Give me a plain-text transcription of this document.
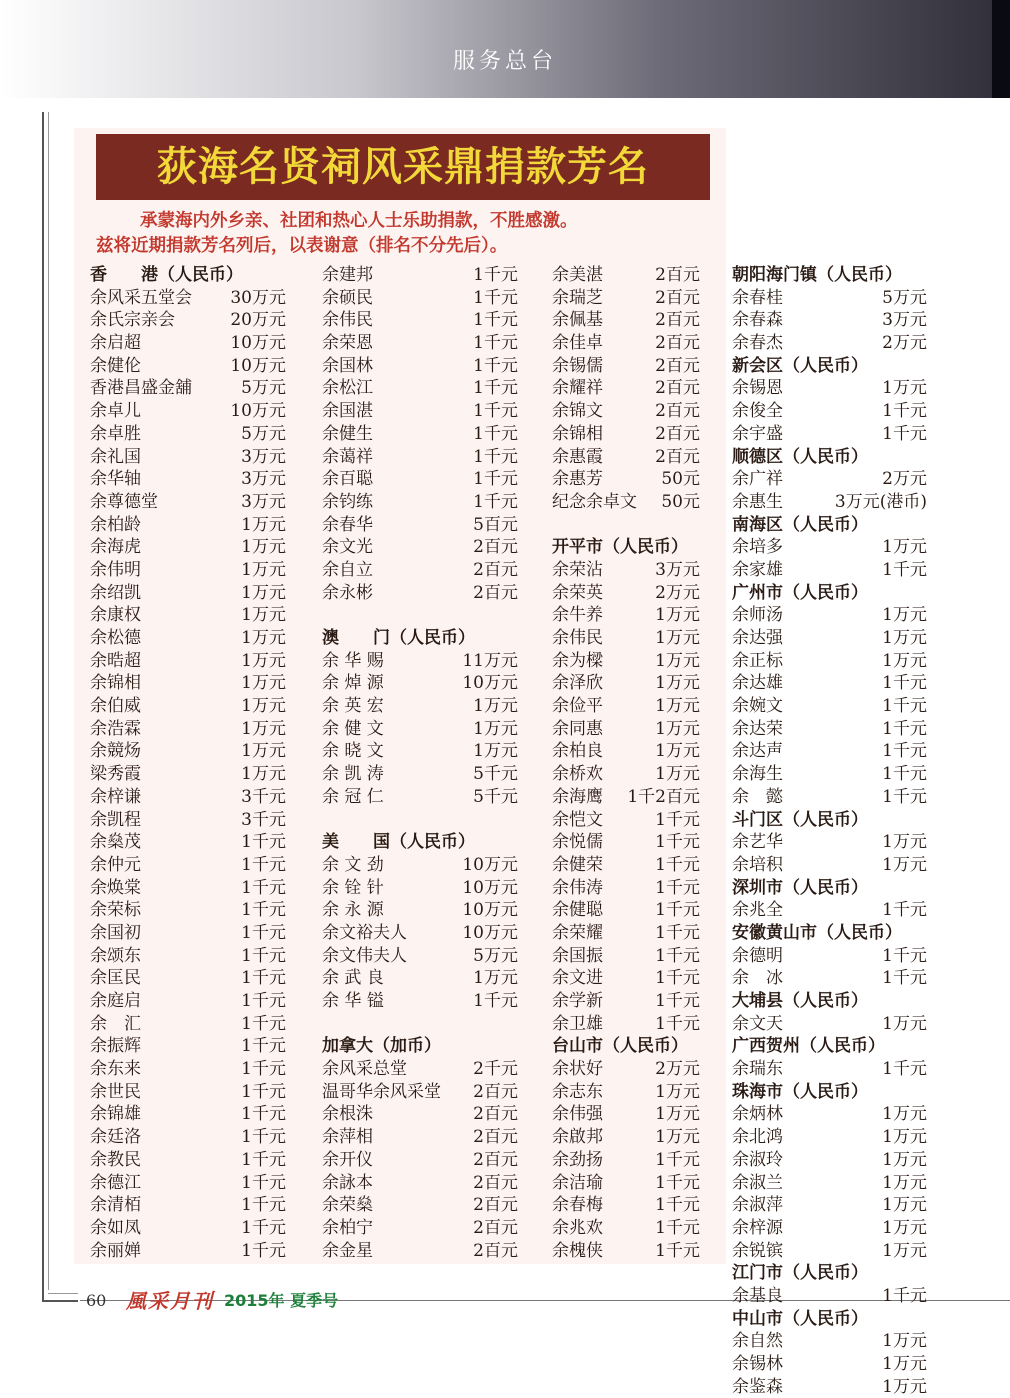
服务总台
荻海名贤祠风采鼎捐款芳名
承蒙海内外乡亲、社团和热心人士乐助捐款，不胜感激。
兹将近期捐款芳名列后，以表谢意（排名不分先后）。
香　　港（人民币）
余风采五堂会 30万元
余氏宗亲会	20万元
余启超	10万元
余健伦	10万元
香港昌盛金舖	5万元
余卓儿	10万元
余卓胜	5万元
余礼国	3万元
余华轴	3万元
余尊德堂	3万元
余柏龄	1万元
余海虎	1万元
余伟明	1万元
余绍凯	1万元
余康权	1万元
余松德	1万元
余晧超	1万元
余锦相	1万元
余伯威	1万元
余浩霖	1万元
余競炀	1万元
梁秀霞	1万元
余梓谦	3千元
余凯程	3千元
余燊茂	1千元
余仲元	1千元
余焕棠	1千元
余荣标	1千元
余国初	1千元
余颂东	1千元
余匡民	1千元
余庭启	1千元
余　汇	1千元
余振辉	1千元
余东来	1千元
余世民	1千元
余锦雄	1千元
余廷洛	1千元
余教民	1千元
余德江	1千元
余清栢	1千元
余如凤	1千元
余丽婵	1千元
余建邦	1千元
余硕民	1千元
余伟民	1千元
余荣恩	1千元
余国林	1千元
余松江	1千元
余国湛	1千元
余健生	1千元
余蔼祥	1千元
余百聪	1千元
余钧练	1千元
余春华	5百元
余文光	2百元
余自立	2百元
余永彬	2百元
澳　　门（人民币）
余 华 赐	11万元
余 焯 源	10万元
余 英 宏	1万元
余 健 文	1万元
余 晓 文	1万元
余 凯 涛	5千元
余 冠 仁	5千元
美　　国（人民币）
余 文 劲	10万元
余 铨 针	10万元
余 永 源	10万元
余文裕夫人	10万元
余文伟夫人	5万元
余 武 良	1万元
余 华 镒	1千元
加拿大（加币）
余风采总堂	2千元
温哥华余风采堂 2百元
余根洙	2百元
余萍相	2百元
余开仪	2百元
余詠本	2百元
余荣燊	2百元
余柏宁	2百元
余金星	2百元
余美湛	2百元
余瑞芝	2百元
余佩基	2百元
余佳卓	2百元
余锡儒	2百元
余耀祥	2百元
余锦文	2百元
余锦相	2百元
余惠霞	2百元
余惠芳	50元
纪念余卓文 50元
开平市（人民币）
余荣沾	3万元
余荣英	2万元
余牛养	1万元
余伟民	1万元
余为樑	1万元
余泽欣	1万元
余俭平	1万元
余同惠	1万元
余柏良	1万元
余桥欢	1万元
余海鹰 1千2百元
余恺文	1千元
余悦儒	1千元
余健荣	1千元
余伟涛	1千元
余健聪	1千元
余荣耀	1千元
余国振	1千元
余文进	1千元
余学新	1千元
余卫雄	1千元
台山市（人民币）
余状好	2万元
余志东	1万元
余伟强	1万元
余啟邦	1万元
余劲扬	1千元
余洁瑜	1千元
余春梅	1千元
余兆欢	1千元
余槐侠	1千元
朝阳海门镇（人民币）
余春桂	5万元
余春森	3万元
余春杰	2万元
新会区（人民币）
余锡恩	1万元
余俊全	1千元
余宇盛	1千元
顺德区（人民币）
余广祥	2万元
余惠生	3万元(港币)
南海区（人民币）
余培多	1万元
余家雄	1千元
广州市（人民币）
余师汤	1万元
余达强	1万元
余正标	1万元
余达雄	1千元
余婉文	1千元
余达荣	1千元
余达声	1千元
余海生	1千元
余　懿	1千元
斗门区（人民币）
余艺华	1万元
余培积	1万元
深圳市（人民币）
余兆全	1千元
安徽黄山市（人民币）
余德明	1千元
余　冰	1千元
大埔县（人民币）
余文天	1万元
广西贺州（人民币）
余瑞东	1千元
珠海市（人民币）
余炳林	1万元
余北鸿	1万元
余淑玲	1万元
余淑兰	1万元
余淑萍	1万元
余梓源	1万元
余锐镔	1万元
江门市（人民币）
余基良	1千元
中山市（人民币）
余自然	1万元
余锡林	1万元
余鉴森	1万元
60 風采月刊 2015年 夏季号
